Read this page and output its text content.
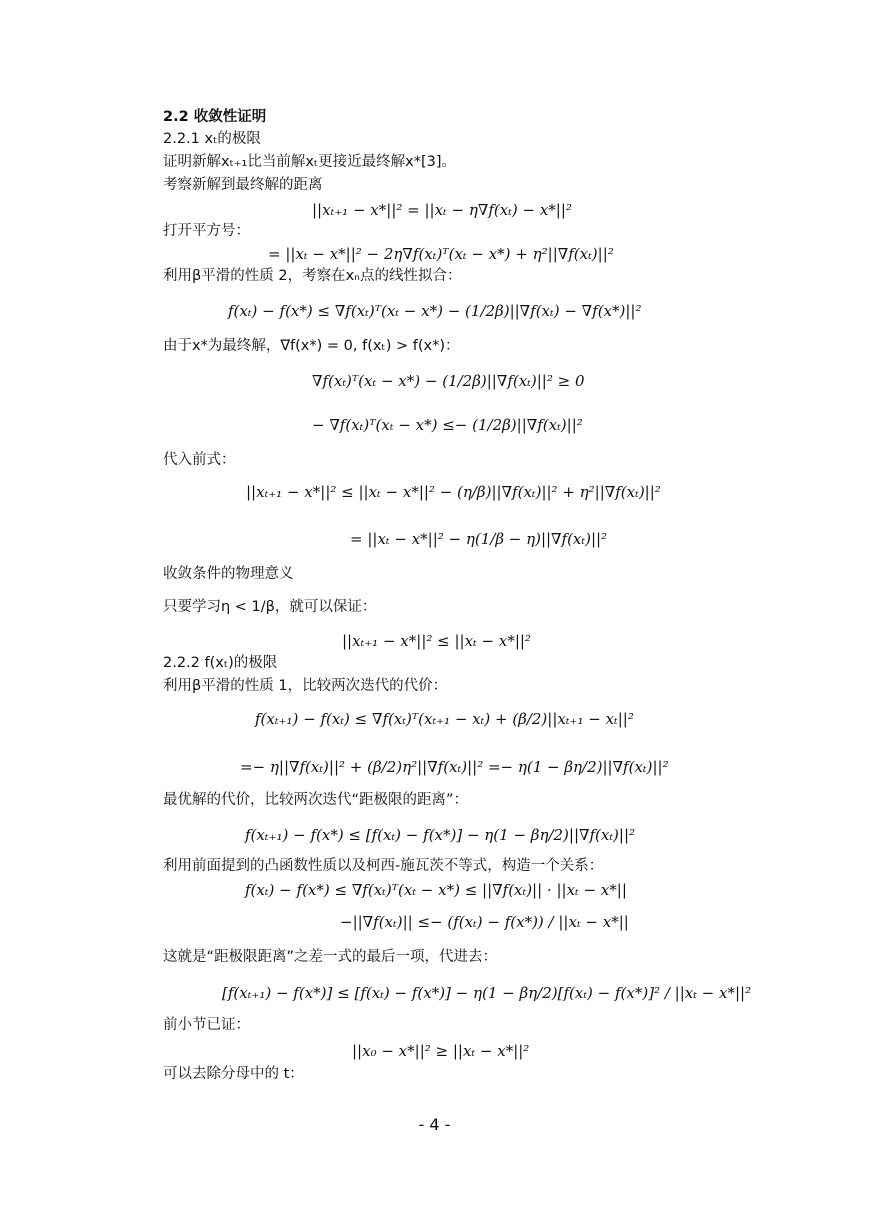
2.2 收敛性证明
2.2.1 xₜ的极限
证明新解xₜ₊₁比当前解xₜ更接近最终解x*[3]。
考察新解到最终解的距离
||xₜ₊₁ − x*||² = ||xₜ − η∇f(xₜ) − x*||²
打开平方号：
= ||xₜ − x*||² − 2η∇f(xₜ)ᵀ(xₜ − x*) + η²||∇f(xₜ)||²
利用β平滑的性质 2，考察在xₙ点的线性拟合：
f(xₜ) − f(x*) ≤ ∇f(xₜ)ᵀ(xₜ − x*) − (1/2β)||∇f(xₜ) − ∇f(x*)||²
由于x*为最终解，∇f(x*) = 0, f(xₜ) > f(x*)：
∇f(xₜ)ᵀ(xₜ − x*) − (1/2β)||∇f(xₜ)||² ≥ 0
− ∇f(xₜ)ᵀ(xₜ − x*) ≤− (1/2β)||∇f(xₜ)||²
代入前式：
||xₜ₊₁ − x*||² ≤ ||xₜ − x*||² − (η/β)||∇f(xₜ)||² + η²||∇f(xₜ)||²
= ||xₜ − x*||² − η(1/β − η)||∇f(xₜ)||²
收敛条件的物理意义
只要学习η < 1/β，就可以保证：
||xₜ₊₁ − x*||² ≤ ||xₜ − x*||²
2.2.2 f(xₜ)的极限
利用β平滑的性质 1，比较两次迭代的代价：
f(xₜ₊₁) − f(xₜ) ≤ ∇f(xₜ)ᵀ(xₜ₊₁ − xₜ) + (β/2)||xₜ₊₁ − xₜ||²
=− η||∇f(xₜ)||² + (β/2)η²||∇f(xₜ)||² =− η(1 − βη/2)||∇f(xₜ)||²
最优解的代价，比较两次迭代“距极限的距离”：
f(xₜ₊₁) − f(x*) ≤ [f(xₜ) − f(x*)] − η(1 − βη/2)||∇f(xₜ)||²
利用前面提到的凸函数性质以及柯西-施瓦茨不等式，构造一个关系：
f(xₜ) − f(x*) ≤ ∇f(xₜ)ᵀ(xₜ − x*) ≤ ||∇f(xₜ)|| · ||xₜ − x*||
−||∇f(xₜ)|| ≤− (f(xₜ) − f(x*)) / ||xₜ − x*||
这就是“距极限距离”之差一式的最后一项，代进去：
[f(xₜ₊₁) − f(x*)] ≤ [f(xₜ) − f(x*)] − η(1 − βη/2)[f(xₜ) − f(x*)]² / ||xₜ − x*||²
前小节已证：
||x₀ − x*||² ≥ ||xₜ − x*||²
可以去除分母中的 t：
- 4 -
